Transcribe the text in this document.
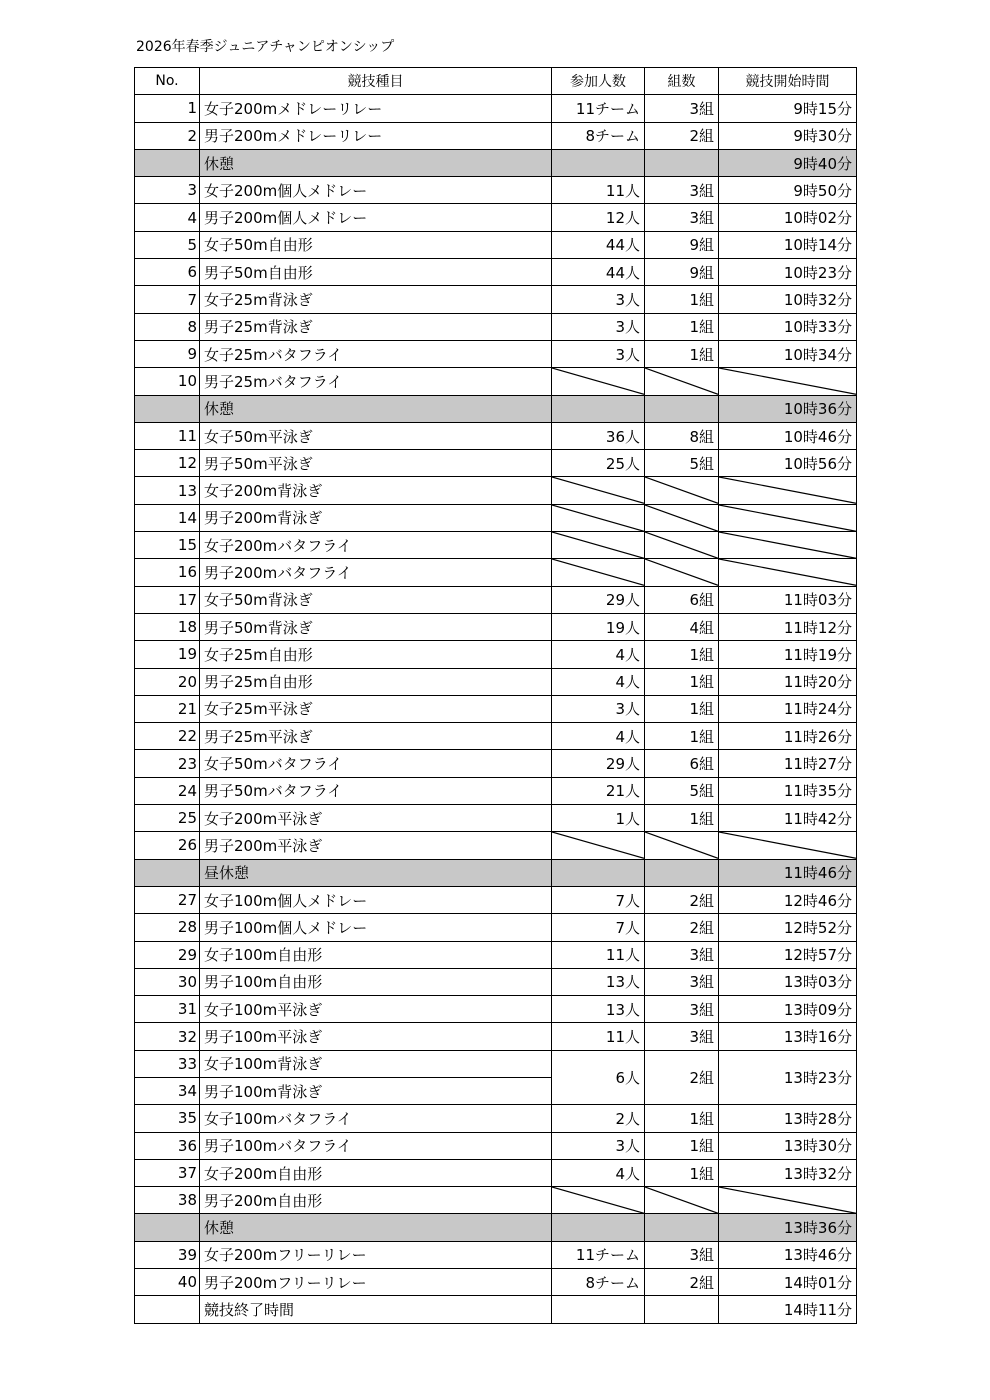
2026年春季ジュニアチャンピオンシップ
No.	競技種目	参加人数	組数	競技開始時間
1	女子200mメドレーリレー	11チーム	3組	9時15分
2	男子200mメドレーリレー	8チーム	2組	9時30分
	休憩			9時40分
3	女子200m個人メドレー	11人	3組	9時50分
4	男子200m個人メドレー	12人	3組	10時02分
5	女子50m自由形	44人	9組	10時14分
6	男子50m自由形	44人	9組	10時23分
7	女子25m背泳ぎ	3人	1組	10時32分
8	男子25m背泳ぎ	3人	1組	10時33分
9	女子25mバタフライ	3人	1組	10時34分
10	男子25mバタフライ	

	休憩			10時36分
11	女子50m平泳ぎ	36人	8組	10時46分
12	男子50m平泳ぎ	25人	5組	10時56分
13	女子200m背泳ぎ	

14	男子200m背泳ぎ	

15	女子200mバタフライ	

16	男子200mバタフライ	

17	女子50m背泳ぎ	29人	6組	11時03分
18	男子50m背泳ぎ	19人	4組	11時12分
19	女子25m自由形	4人	1組	11時19分
20	男子25m自由形	4人	1組	11時20分
21	女子25m平泳ぎ	3人	1組	11時24分
22	男子25m平泳ぎ	4人	1組	11時26分
23	女子50mバタフライ	29人	6組	11時27分
24	男子50mバタフライ	21人	5組	11時35分
25	女子200m平泳ぎ	1人	1組	11時42分
26	男子200m平泳ぎ	

	昼休憩			11時46分
27	女子100m個人メドレー	7人	2組	12時46分
28	男子100m個人メドレー	7人	2組	12時52分
29	女子100m自由形	11人	3組	12時57分
30	男子100m自由形	13人	3組	13時03分
31	女子100m平泳ぎ	13人	3組	13時09分
32	男子100m平泳ぎ	11人	3組	13時16分
33	女子100m背泳ぎ	6人	2組	13時23分
34	男子100m背泳ぎ			
35	女子100mバタフライ	2人	1組	13時28分
36	男子100mバタフライ	3人	1組	13時30分
37	女子200m自由形	4人	1組	13時32分
38	男子200m自由形	

	休憩			13時36分
39	女子200mフリーリレー	11チーム	3組	13時46分
40	男子200mフリーリレー	8チーム	2組	14時01分
	競技終了時間			14時11分
